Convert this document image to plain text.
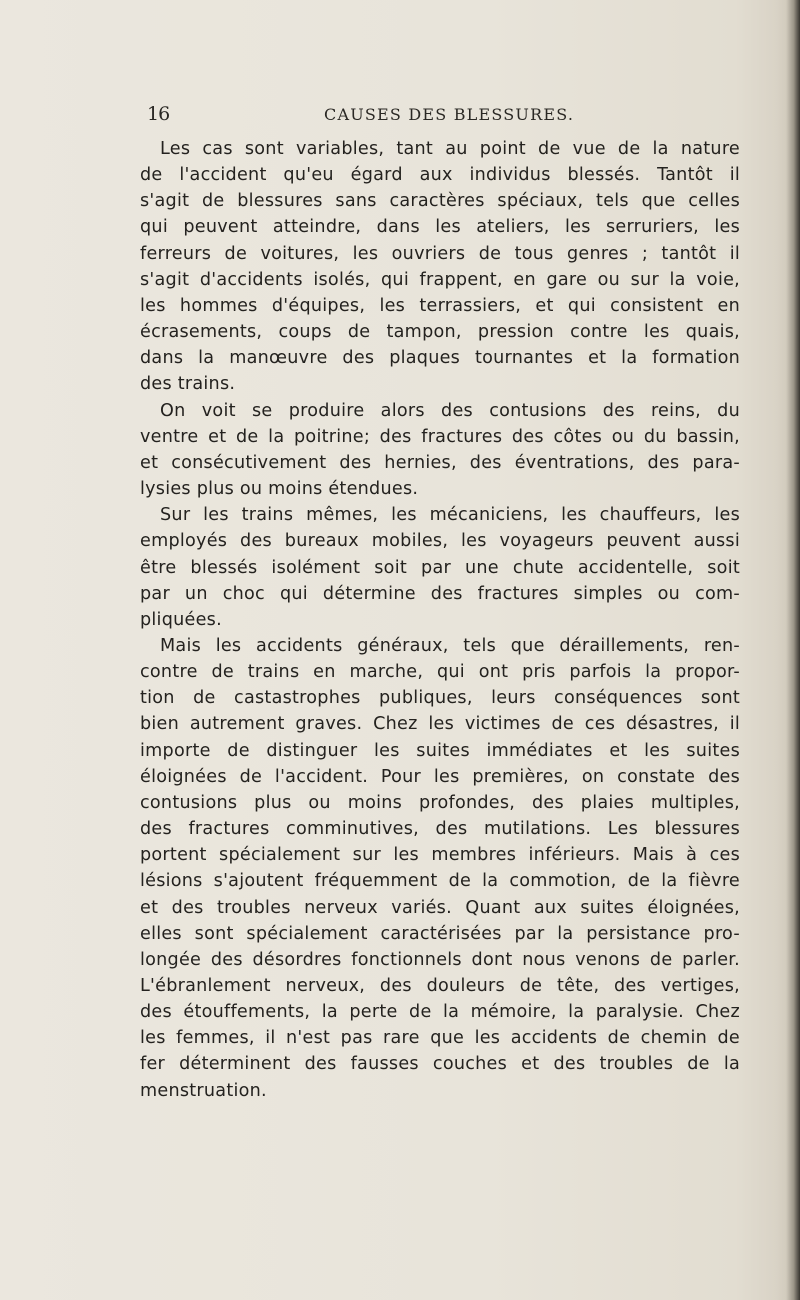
16	CAUSES DES BLESSURES.

Les cas sont variables, tant au point de vue de la nature
de l'accident qu'eu égard aux individus blessés. Tantôt il
s'agit de blessures sans caractères spéciaux, tels que celles
qui peuvent atteindre, dans les ateliers, les serruriers, les
ferreurs de voitures, les ouvriers de tous genres ; tantôt il
s'agit d'accidents isolés, qui frappent, en gare ou sur la voie,
les hommes d'équipes, les terrassiers, et qui consistent en
écrasements, coups de tampon, pression contre les quais,
dans la manœuvre des plaques tournantes et la formation
des trains.

On voit se produire alors des contusions des reins, du
ventre et de la poitrine; des fractures des côtes ou du bassin,
et consécutivement des hernies, des éventrations, des para-
lysies plus ou moins étendues.

Sur les trains mêmes, les mécaniciens, les chauffeurs, les
employés des bureaux mobiles, les voyageurs peuvent aussi
être blessés isolément soit par une chute accidentelle, soit
par un choc qui détermine des fractures simples ou com-
pliquées.

Mais les accidents généraux, tels que déraillements, ren-
contre de trains en marche, qui ont pris parfois la propor-
tion de castastrophes publiques, leurs conséquences sont
bien autrement graves. Chez les victimes de ces désastres, il
importe de distinguer les suites immédiates et les suites
éloignées de l'accident. Pour les premières, on constate des
contusions plus ou moins profondes, des plaies multiples,
des fractures comminutives, des mutilations. Les blessures
portent spécialement sur les membres inférieurs. Mais à ces
lésions s'ajoutent fréquemment de la commotion, de la fièvre
et des troubles nerveux variés. Quant aux suites éloignées,
elles sont spécialement caractérisées par la persistance pro-
longée des désordres fonctionnels dont nous venons de parler.
L'ébranlement nerveux, des douleurs de tête, des vertiges,
des étouffements, la perte de la mémoire, la paralysie. Chez
les femmes, il n'est pas rare que les accidents de chemin de
fer déterminent des fausses couches et des troubles de la
menstruation.
